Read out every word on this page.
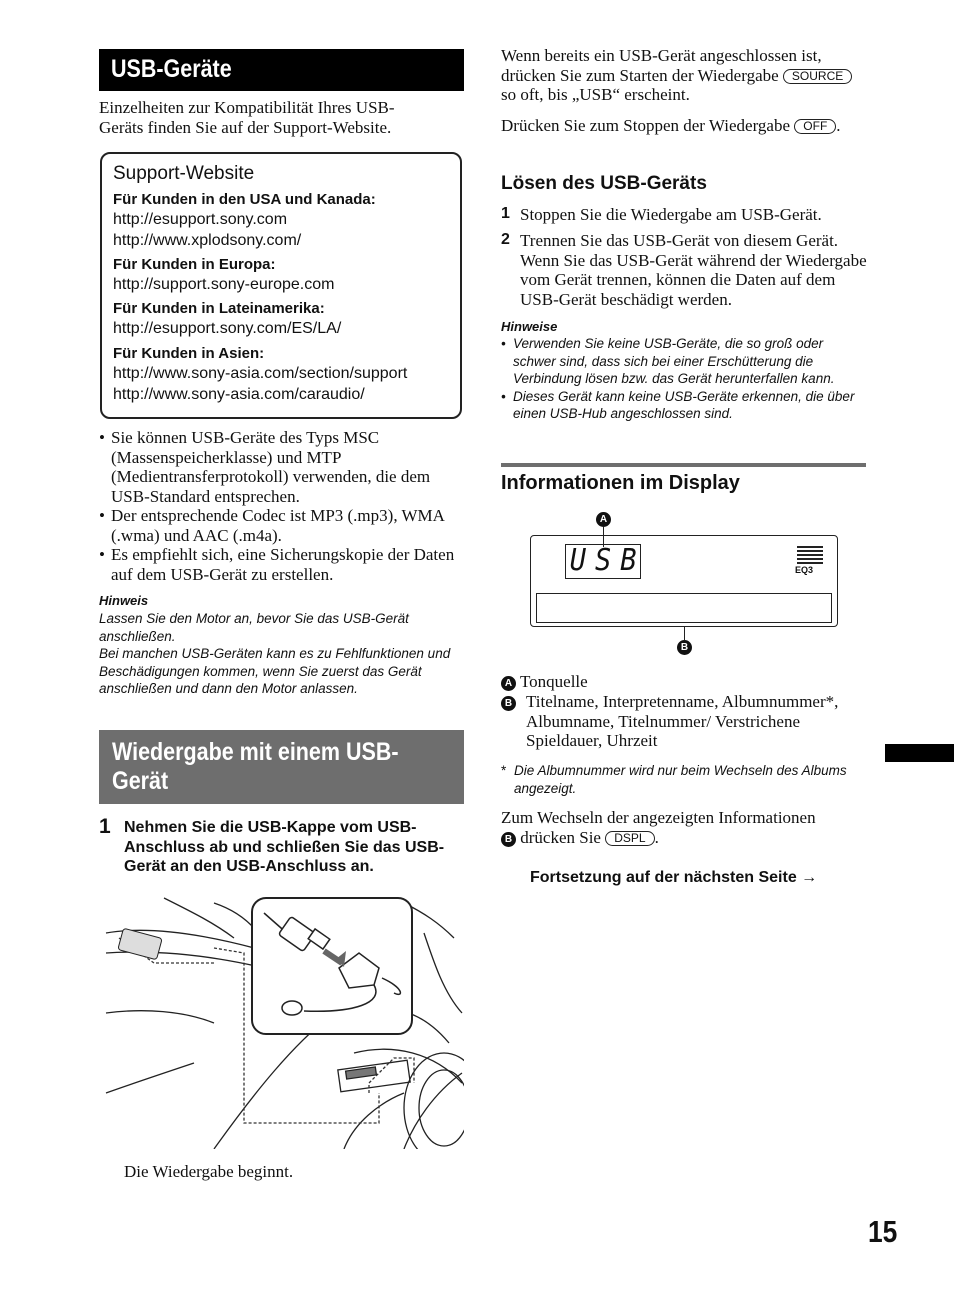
USB-Geräte
Einzelheiten zur Kompatibilität Ihres USB-Geräts finden Sie auf der Support-Website.
Support-Website
Für Kunden in den USA und Kanada:
http://esupport.sony.com
http://www.xplodsony.com/
Für Kunden in Europa:
http://support.sony-europe.com
Für Kunden in Lateinamerika:
http://esupport.sony.com/ES/LA/
Für Kunden in Asien:
http://www.sony-asia.com/section/support
http://www.sony-asia.com/caraudio/
• Sie können USB-Geräte des Typs MSC (Massenspeicherklasse) und MTP (Medientransferprotokoll) verwenden, die dem USB-Standard entsprechen.
• Der entsprechende Codec ist MP3 (.mp3), WMA (.wma) und AAC (.m4a).
• Es empfiehlt sich, eine Sicherungskopie der Daten auf dem USB-Gerät zu erstellen.
Hinweis
Lassen Sie den Motor an, bevor Sie das USB-Gerät anschließen.
Bei manchen USB-Geräten kann es zu Fehlfunktionen und Beschädigungen kommen, wenn Sie zuerst das Gerät anschließen und dann den Motor anlassen.
Wiedergabe mit einem USB-
Gerät
1 Nehmen Sie die USB-Kappe vom USB-Anschluss ab und schließen Sie das USB-Gerät an den USB-Anschluss an.
Die Wiedergabe beginnt.
Wenn bereits ein USB-Gerät angeschlossen ist, drücken Sie zum Starten der Wiedergabe SOURCE so oft, bis „USB“ erscheint.
Drücken Sie zum Stoppen der Wiedergabe OFF .
Lösen des USB-Geräts
1 Stoppen Sie die Wiedergabe am USB-Gerät.
2 Trennen Sie das USB-Gerät von diesem Gerät. Wenn Sie das USB-Gerät während der Wiedergabe vom Gerät trennen, können die Daten auf dem USB-Gerät beschädigt werden.
Hinweise
• Verwenden Sie keine USB-Geräte, die so groß oder schwer sind, dass sich bei einer Erschütterung die Verbindung lösen bzw. das Gerät herunterfallen kann.
• Dieses Gerät kann keine USB-Geräte erkennen, die über einen USB-Hub angeschlossen sind.
Informationen im Display
A
USB	EQ3
B
A Tonquelle
B Titelname, Interpretenname, Albumnummer*, Albumname, Titelnummer/ Verstrichene Spieldauer, Uhrzeit
* Die Albumnummer wird nur beim Wechseln des Albums angezeigt.
Zum Wechseln der angezeigten Informationen
B drücken Sie DSPL .
Fortsetzung auf der nächsten Seite →
15
